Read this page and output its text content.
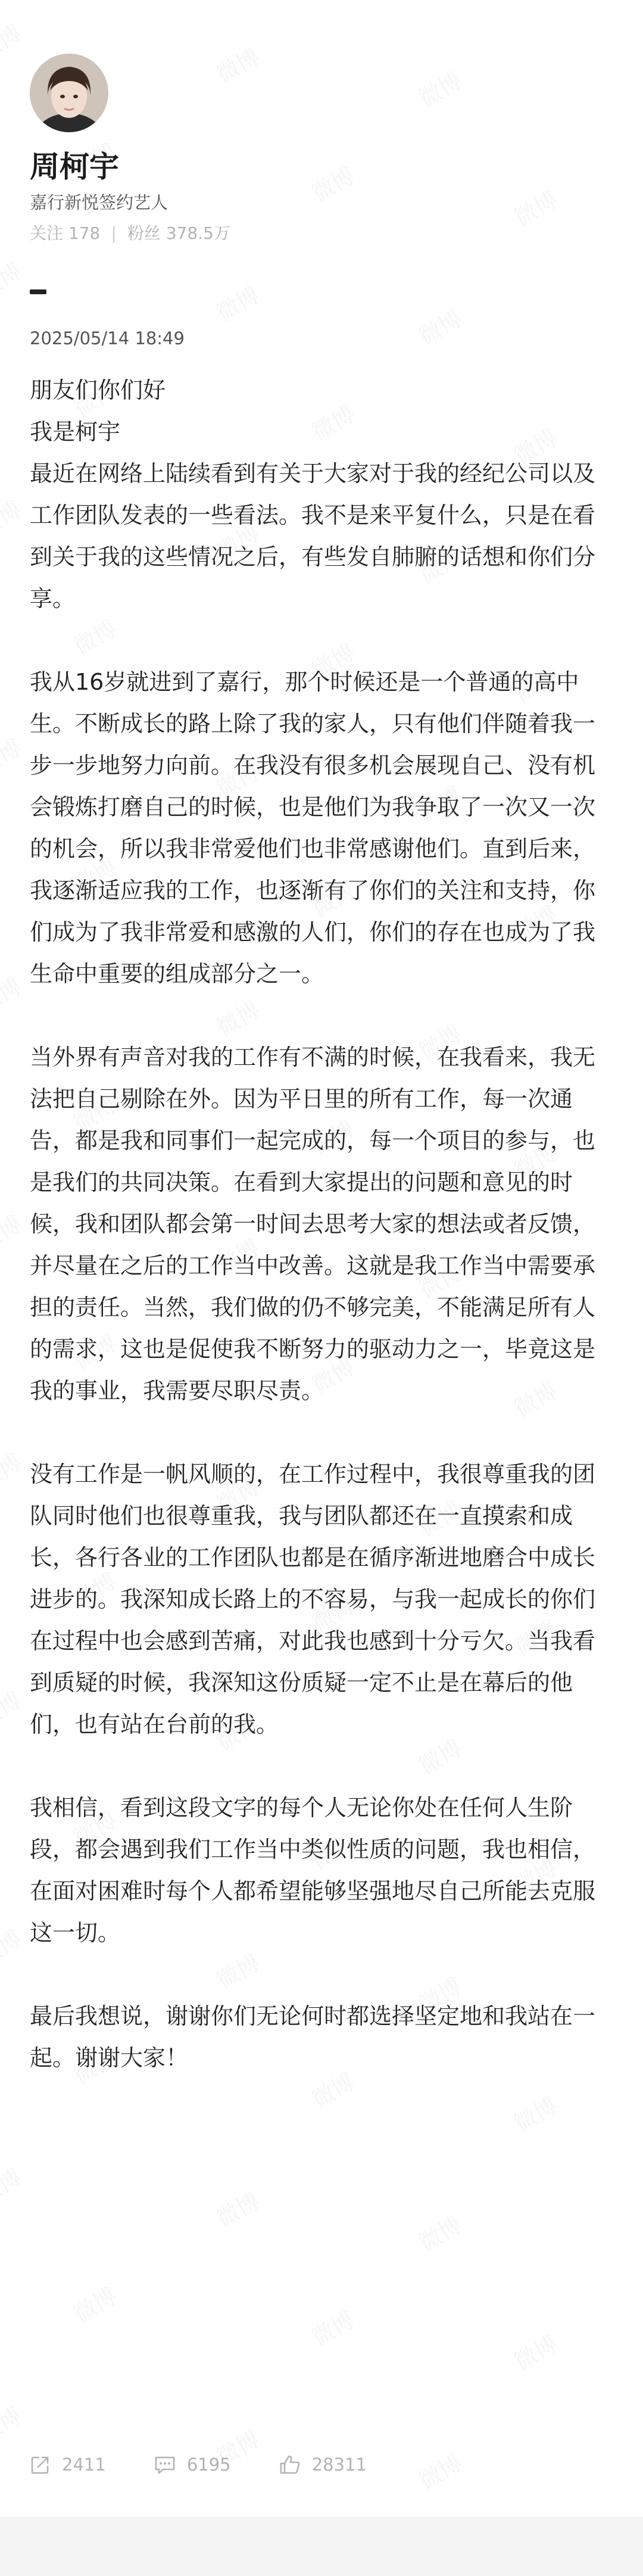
周柯宇
嘉行新悦签约艺人
关注
178 | 粉丝
378.5万
2025/05/14 18:49

朋友们你们好

我是柯宇

最近在网络上陆续看到有关于大家对于我的经纪公司以及工作团队发表的一些看法。我不是来平复什么，只是在看到关于我的这些情况之后，有些发自肺腑的话想和你们分享。

我从16岁就进到了嘉行，那个时候还是一个普通的高中生。不断成长的路上除了我的家人，只有他们伴随着我一步一步地努力向前。在我没有很多机会展现自己、没有机会锻炼打磨自己的时候，也是他们为我争取了一次又一次的机会，所以我非常爱他们也非常感谢他们。直到后来，我逐渐适应我的工作，也逐渐有了你们的关注和支持，你们成为了我非常爱和感激的人们，你们的存在也成为了我生命中重要的组成部分之一。

当外界有声音对我的工作有不满的时候，在我看来，我无法把自己剔除在外。因为平日里的所有工作，每一次通告，都是我和同事们一起完成的，每一个项目的参与，也是我们的共同决策。在看到大家提出的问题和意见的时候，我和团队都会第一时间去思考大家的想法或者反馈，并尽量在之后的工作当中改善。这就是我工作当中需要承担的责任。当然，我们做的仍不够完美，不能满足所有人的需求，这也是促使我不断努力的驱动力之一，毕竟这是我的事业，我需要尽职尽责。

没有工作是一帆风顺的，在工作过程中，我很尊重我的团队同时他们也很尊重我，我与团队都还在一直摸索和成长，各行各业的工作团队也都是在循序渐进地磨合中成长进步的。我深知成长路上的不容易，与我一起成长的你们在过程中也会感到苦痛，对此我也感到十分亏欠。当我看到质疑的时候，我深知这份质疑一定不止是在幕后的他们，也有站在台前的我。

我相信，看到这段文字的每个人无论你处在任何人生阶段，都会遇到我们工作当中类似性质的问题，我也相信，在面对困难时每个人都希望能够坚强地尽自己所能去克服这一切。

最后我想说，谢谢你们无论何时都选择坚定地和我站在一起。谢谢大家！

2411	6195	28311
